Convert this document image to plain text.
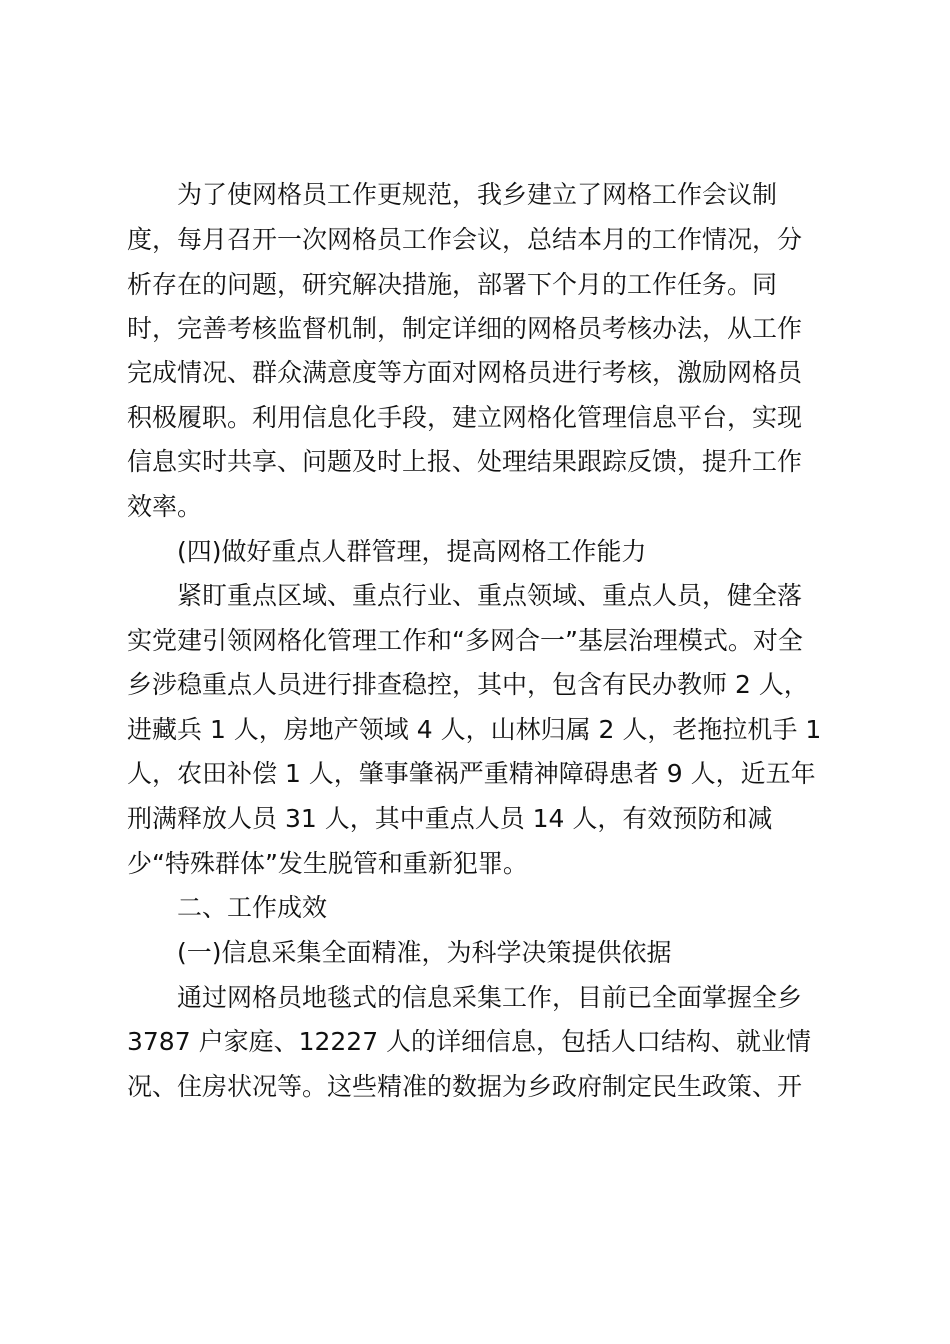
为了使网格员工作更规范，我乡建立了网格工作会议制
度，每月召开一次网格员工作会议，总结本月的工作情况，分
析存在的问题，研究解决措施，部署下个月的工作任务。同
时，完善考核监督机制，制定详细的网格员考核办法，从工作
完成情况、群众满意度等方面对网格员进行考核，激励网格员
积极履职。利用信息化手段，建立网格化管理信息平台，实现
信息实时共享、问题及时上报、处理结果跟踪反馈，提升工作
效率。
(四)做好重点人群管理，提高网格工作能力
紧盯重点区域、重点行业、重点领域、重点人员，健全落
实党建引领网格化管理工作和“多网合一”基层治理模式。对全
乡涉稳重点人员进行排查稳控，其中，包含有民办教师 2 人，
进藏兵 1 人，房地产领域 4 人，山林归属 2 人，老拖拉机手 1
人，农田补偿 1 人，肇事肇祸严重精神障碍患者 9 人，近五年
刑满释放人员 31 人，其中重点人员 14 人，有效预防和减
少“特殊群体”发生脱管和重新犯罪。
二、工作成效
(一)信息采集全面精准，为科学决策提供依据
通过网格员地毯式的信息采集工作，目前已全面掌握全乡
3787 户家庭、12227 人的详细信息，包括人口结构、就业情
况、住房状况等。这些精准的数据为乡政府制定民生政策、开
